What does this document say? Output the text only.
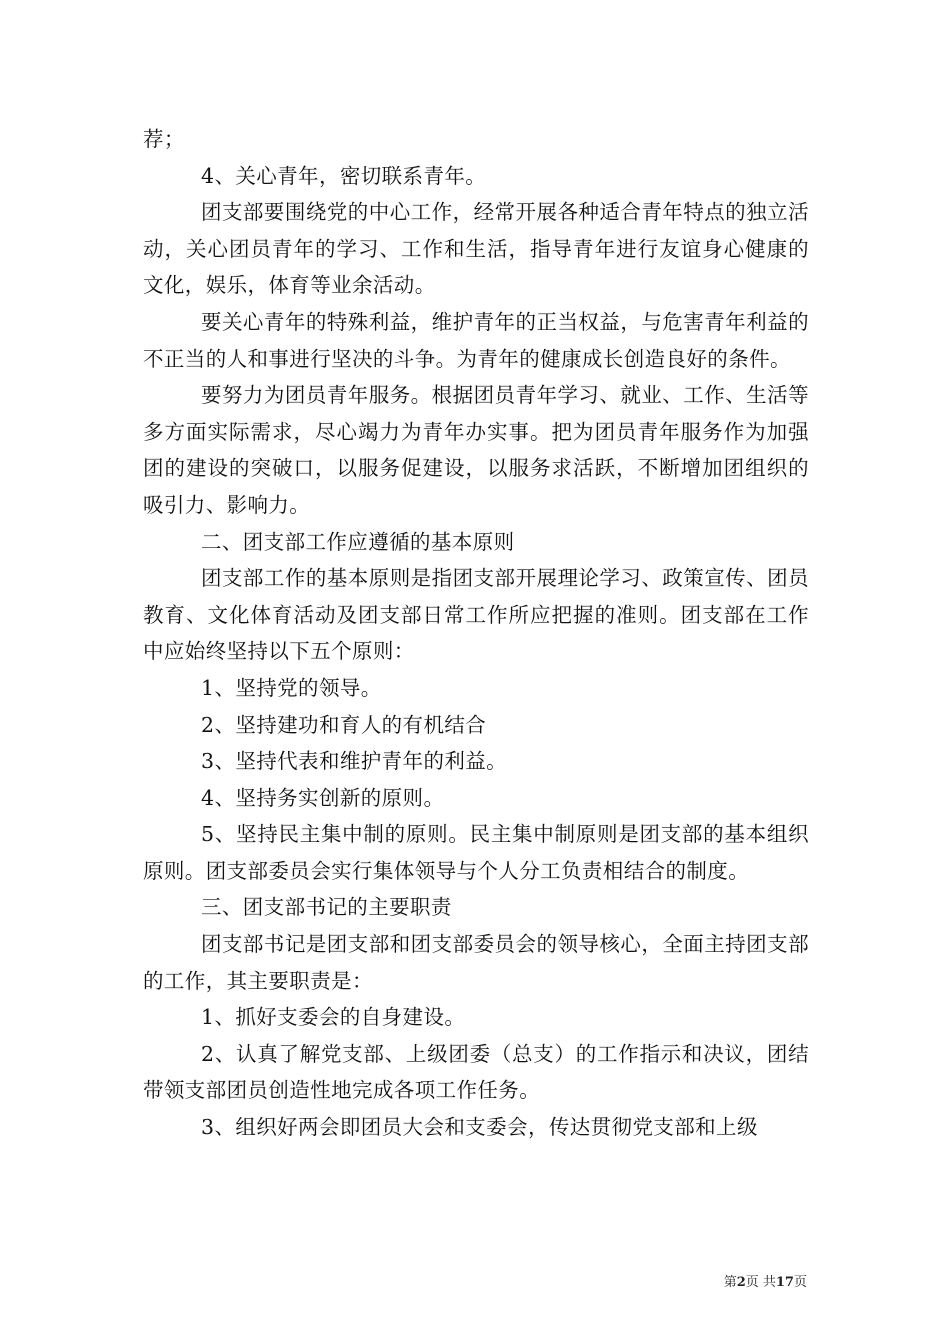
荐；

4、关心青年，密切联系青年。

团支部要围绕党的中心工作，经常开展各种适合青年特点的独立活动，关心团员青年的学习、工作和生活，指导青年进行友谊身心健康的文化，娱乐，体育等业余活动。

要关心青年的特殊利益，维护青年的正当权益，与危害青年利益的不正当的人和事进行坚决的斗争。为青年的健康成长创造良好的条件。

要努力为团员青年服务。根据团员青年学习、就业、工作、生活等多方面实际需求，尽心竭力为青年办实事。把为团员青年服务作为加强团的建设的突破口，以服务促建设，以服务求活跃，不断增加团组织的吸引力、影响力。

二、团支部工作应遵循的基本原则

团支部工作的基本原则是指团支部开展理论学习、政策宣传、团员教育、文化体育活动及团支部日常工作所应把握的准则。团支部在工作中应始终坚持以下五个原则：

1、坚持党的领导。

2、坚持建功和育人的有机结合

3、坚持代表和维护青年的利益。

4、坚持务实创新的原则。

5、坚持民主集中制的原则。民主集中制原则是团支部的基本组织原则。团支部委员会实行集体领导与个人分工负责相结合的制度。

三、团支部书记的主要职责

团支部书记是团支部和团支部委员会的领导核心，全面主持团支部的工作，其主要职责是：

1、抓好支委会的自身建设。

2、认真了解党支部、上级团委（总支）的工作指示和决议，团结带领支部团员创造性地完成各项工作任务。

3、组织好两会即团员大会和支委会，传达贯彻党支部和上级

第2页 共17页
